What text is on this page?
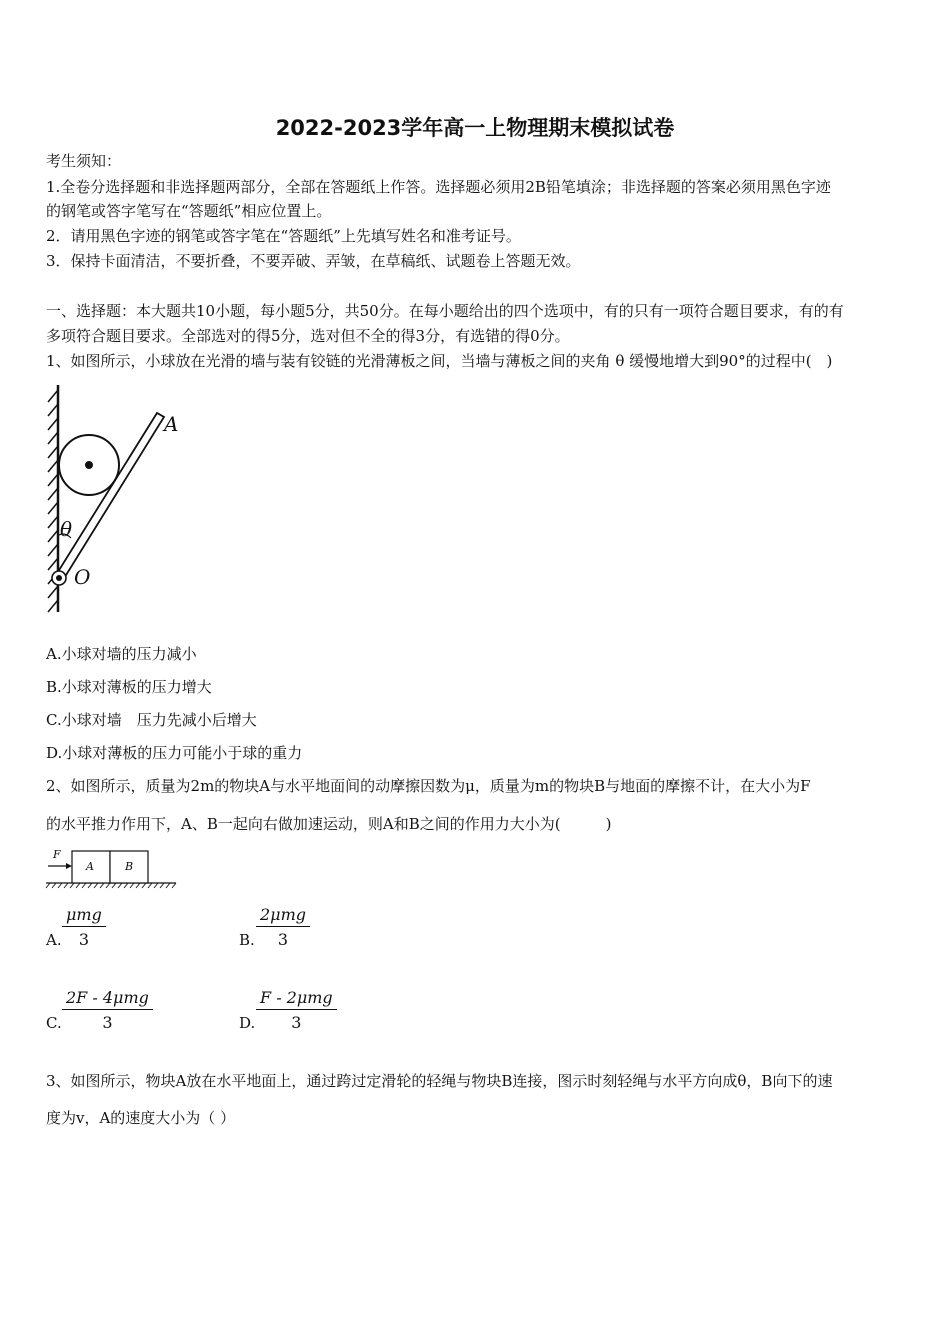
2022-2023学年高一上物理期末模拟试卷
考生须知：
1.全卷分选择题和非选择题两部分，全部在答题纸上作答。选择题必须用2B铅笔填涂；非选择题的答案必须用黑色字迹
的钢笔或答字笔写在“答题纸”相应位置上。
2．请用黑色字迹的钢笔或答字笔在“答题纸”上先填写姓名和准考证号。
3．保持卡面清洁，不要折叠，不要弄破、弄皱，在草稿纸、试题卷上答题无效。
一、选择题：本大题共10小题，每小题5分，共50分。在每小题给出的四个选项中，有的只有一项符合题目要求，有的有
多项符合题目要求。全部选对的得5分，选对但不全的得3分，有选错的得0分。
1、如图所示，小球放在光滑的墙与装有铰链的光滑薄板之间，当墙与薄板之间的夹角 θ 缓慢地增大到90°的过程中(　)
A
θ
O
A.小球对墙的压力减小
B.小球对薄板的压力增大
C.小球对墙　压力先减小后增大
D.小球对薄板的压力可能小于球的重力
2、如图所示，质量为2m的物块A与水平地面间的动摩擦因数为μ，质量为m的物块B与地面的摩擦不计，在大小为F
的水平推力作用下，A、B一起向右做加速运动，则A和B之间的作用力大小为(　　　)
F
A	B
A.
μmg
3	B.
2μmg
3
C.
2F - 4μmg
3	D.
F - 2μmg
3
3、如图所示，物块A放在水平地面上，通过跨过定滑轮的轻绳与物块B连接，图示时刻轻绳与水平方向成θ，B向下的速
度为v，A的速度大小为（ ）
